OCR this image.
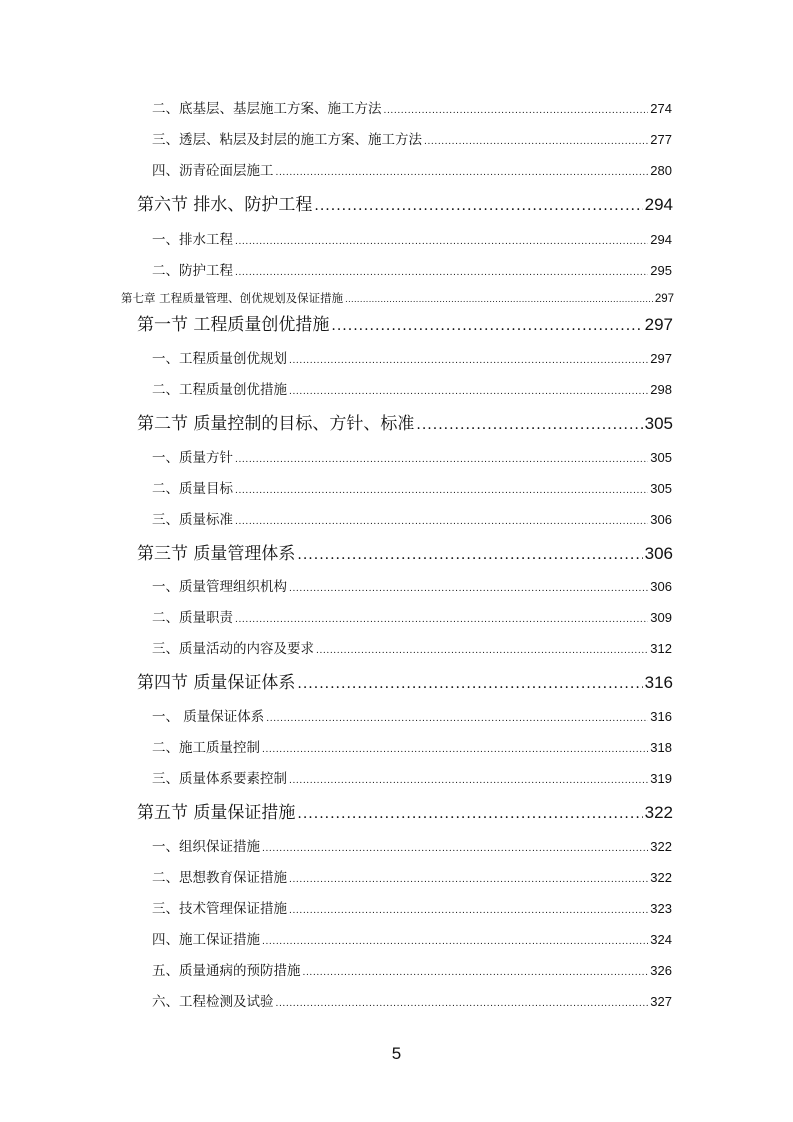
二、底基层、基层施工方案、施工方法 .....	274
三、透层、粘层及封层的施工方案、施工方法 .....	277
四、沥青砼面层施工 .....	280
第六节 排水、防护工程 .....	294
一、排水工程 .....	294
二、防护工程 .....	295
第七章 工程质量管理、创优规划及保证措施 .....	297
第一节 工程质量创优措施 .....	297
一、工程质量创优规划 .....	297
二、工程质量创优措施 .....	298
第二节 质量控制的目标、方针、标准 .....	305
一、质量方针 .....	305
二、质量目标 .....	305
三、质量标准 .....	306
第三节 质量管理体系 .....	306
一、质量管理组织机构 .....	306
二、质量职责 .....	309
三、质量活动的内容及要求 .....	312
第四节 质量保证体系 .....	316
一、 质量保证体系 .....	316
二、施工质量控制 .....	318
三、质量体系要素控制 .....	319
第五节 质量保证措施 .....	322
一、组织保证措施 .....	322
二、思想教育保证措施 .....	322
三、技术管理保证措施 .....	323
四、施工保证措施 .....	324
五、质量通病的预防措施 .....	326
六、工程检测及试验 .....	327
5
